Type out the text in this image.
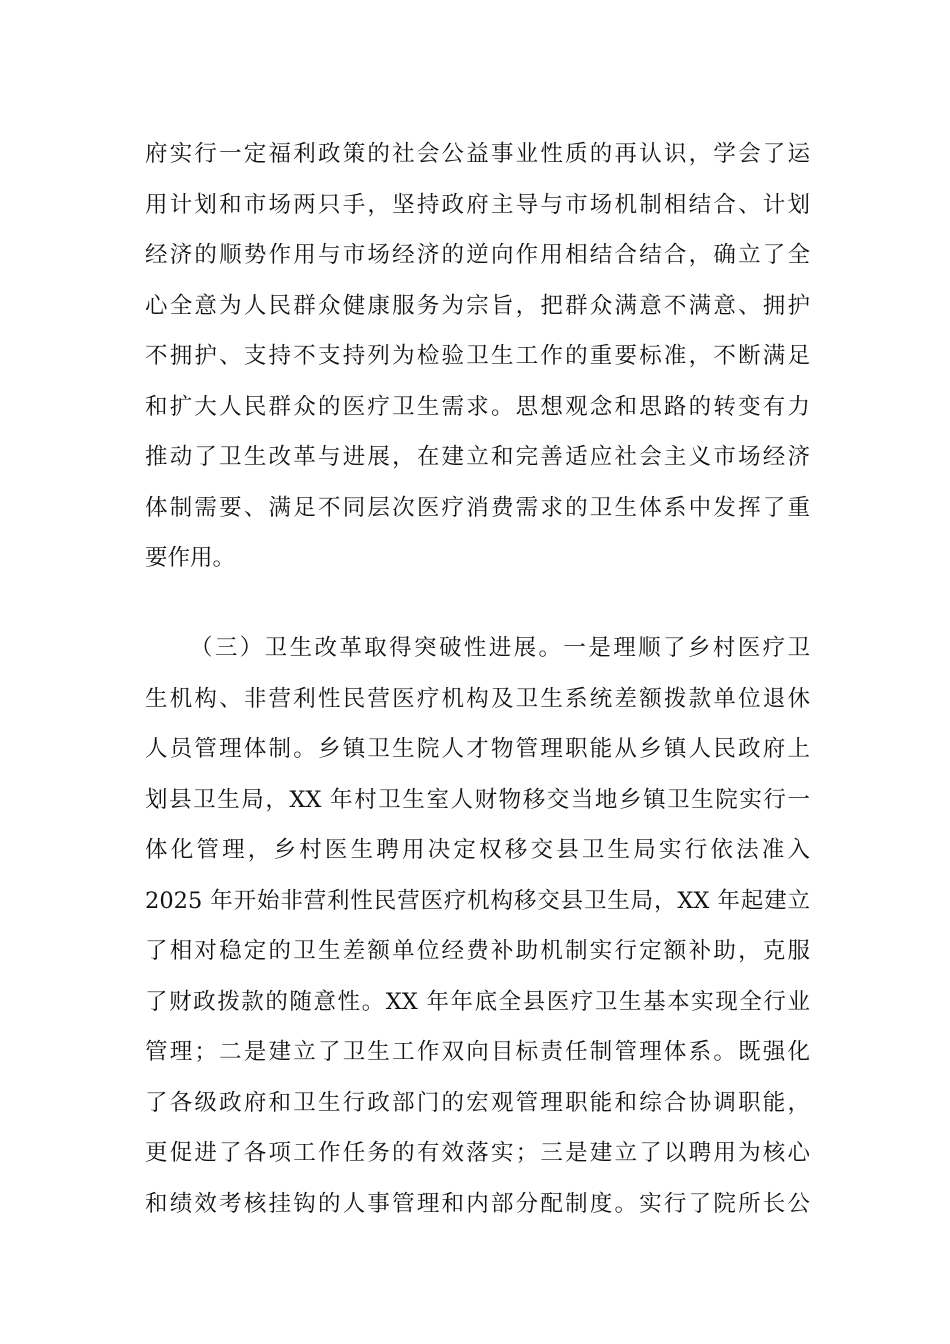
府实行一定福利政策的社会公益事业性质的再认识，学会了运
用计划和市场两只手，坚持政府主导与市场机制相结合、计划
经济的顺势作用与市场经济的逆向作用相结合结合，确立了全
心全意为人民群众健康服务为宗旨，把群众满意不满意、拥护
不拥护、支持不支持列为检验卫生工作的重要标准，不断满足
和扩大人民群众的医疗卫生需求。思想观念和思路的转变有力
推动了卫生改革与进展，在建立和完善适应社会主义市场经济
体制需要、满足不同层次医疗消费需求的卫生体系中发挥了重
要作用。
（三）卫生改革取得突破性进展。一是理顺了乡村医疗卫
生机构、非营利性民营医疗机构及卫生系统差额拨款单位退休
人员管理体制。乡镇卫生院人才物管理职能从乡镇人民政府上
划县卫生局，XX 年村卫生室人财物移交当地乡镇卫生院实行一
体化管理，乡村医生聘用决定权移交县卫生局实行依法准入
2025 年开始非营利性民营医疗机构移交县卫生局，XX 年起建立
了相对稳定的卫生差额单位经费补助机制实行定额补助，克服
了财政拨款的随意性。XX 年年底全县医疗卫生基本实现全行业
管理；二是建立了卫生工作双向目标责任制管理体系。既强化
了各级政府和卫生行政部门的宏观管理职能和综合协调职能，
更促进了各项工作任务的有效落实；三是建立了以聘用为核心
和绩效考核挂钩的人事管理和内部分配制度。实行了院所长公
